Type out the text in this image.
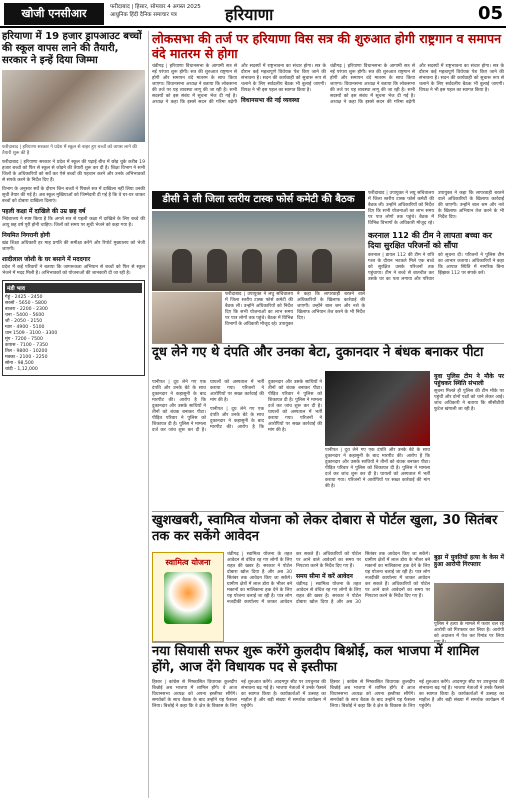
खोजी एनसीआर	फरीदाबाद | हिसार, सोमवार 4 अगस्त 2025
आधुनिक हिंदी दैनिक समाचार पत्र	हरियाणा	05
हरियाणा में 19 हजार ड्रापआउट बच्चों की स्कूल वापस लाने की तैयारी, सरकार ने इन्हें दिया जिम्मा
फरीदाबाद | हरियाणा सरकार ने प्रदेश में स्कूल से बाहर हुए बच्चों को वापस लाने की तैयारी शुरू की है

फरीदाबाद | हरियाणा सरकार ने प्रदेश में स्कूल की पढ़ाई बीच में छोड़ चुके करीब 19 हजार बच्चों को फिर से स्कूल से जोड़ने की तैयारी शुरू कर दी है। शिक्षा विभाग ने सभी जिलों के अधिकारियों को सर्वे कर ऐसे बच्चों की पहचान करने और उनके अभिभावकों से संपर्क करने के निर्देश दिए हैं।

विभाग के अनुसार सर्वे के दौरान जिन बच्चों ने पिछले सत्र में दाखिला नहीं लिया उनकी सूची तैयार की गई है। अब स्कूल मुखियाओं को जिम्मेदारी दी गई है कि वे घर-घर जाकर बच्चों को दोबारा दाखिला दिलाएं।

पहली कक्षा में दाखिले की उम्र छह वर्ष

निदेशालय ने स्पष्ट किया है कि अगले सत्र से पहली कक्षा में दाखिले के लिए बच्चे की आयु छह वर्ष पूरी होनी चाहिए। जिलों को समय पर सूची भेजने को कहा गया है।

नियमित निगरानी होगी

खंड शिक्षा अधिकारी हर माह प्रगति की समीक्षा करेंगे और रिपोर्ट मुख्यालय को भेजी जाएगी।

शादीलाल जोशी के घर बसाने में मददगार

प्रदेश में कई परिवारों ने बताया कि जागरूकता अभियान से बच्चों को फिर से स्कूल भेजने में मदद मिली है। अभिभावकों को योजनाओं की जानकारी दी जा रही है।

मंडी भाव
गेहूं - 2425 - 2450
सरसों - 5650 - 5800
बाजरा - 2200 - 2300
चना - 5400 - 5600
जौ - 2050 - 2150
ग्वार - 4900 - 5100
धान 1509 - 3100 - 3300
मूंग - 7200 - 7500
कपास - 7100 - 7350
तिल - 9800 - 10200
मक्का - 2100 - 2250
सोना - 98,500
चांदी - 1,12,000
लोकसभा की तर्ज पर हरियाणा विस सत्र की शुरुआत होगी राष्ट्रगान व समापन वंदे मातरम से होगा

चंडीगढ़ | हरियाणा विधानसभा के आगामी सत्र से नई परंपरा शुरू होगी। सत्र की शुरुआत राष्ट्रगान से होगी और समापन वंदे मातरम के साथ किया जाएगा। विधानसभा अध्यक्ष ने बताया कि लोकसभा की तर्ज पर यह व्यवस्था लागू की जा रही है। सभी सदस्यों को इस संबंध में सूचना भेज दी गई है। अध्यक्ष ने कहा कि इससे सदन की गरिमा बढ़ेगी और सदस्यों में राष्ट्रभावना का संचार होगा। सत्र के दौरान कई महत्वपूर्ण विधेयक पेश किए जाने की संभावना है। सदन की कार्यवाही को सुचारू रूप से चलाने के लिए सर्वदलीय बैठक भी बुलाई जाएगी। विपक्ष ने भी इस पहल का स्वागत किया है।

विधानसभा की नई व्यवस्था

चंडीगढ़ | हरियाणा विधानसभा के आगामी सत्र से नई परंपरा शुरू होगी। सत्र की शुरुआत राष्ट्रगान से होगी और समापन वंदे मातरम के साथ किया जाएगा। विधानसभा अध्यक्ष ने बताया कि लोकसभा की तर्ज पर यह व्यवस्था लागू की जा रही है। सभी सदस्यों को इस संबंध में सूचना भेज दी गई है। अध्यक्ष ने कहा कि इससे सदन की गरिमा बढ़ेगी और सदस्यों में राष्ट्रभावना का संचार होगा। सत्र के दौरान कई महत्वपूर्ण विधेयक पेश किए जाने की संभावना है। सदन की कार्यवाही को सुचारू रूप से चलाने के लिए सर्वदलीय बैठक भी बुलाई जाएगी। विपक्ष ने भी इस पहल का स्वागत किया है।

डीसी ने ली जिला स्तरीय टास्क फोर्स कमेटी की बैठक

फरीदाबाद | उपायुक्त ने लघु सचिवालय में जिला स्तरीय टास्क फोर्स कमेटी की बैठक ली। उन्होंने अधिकारियों को निर्देश दिए कि सभी योजनाओं का लाभ समय पर पात्र लोगों तक पहुंचे। बैठक में विभिन्न विभागों के अधिकारी मौजूद रहे। उपायुक्त ने कहा कि लापरवाही बरतने वाले अधिकारियों के खिलाफ कार्रवाई की जाएगी। उन्होंने बाल श्रम और नशे के खिलाफ अभियान तेज करने के भी निर्देश दिए।

फरीदाबाद | उपायुक्त ने लघु सचिवालय में जिला स्तरीय टास्क फोर्स कमेटी की बैठक ली। उन्होंने अधिकारियों को निर्देश दिए कि सभी योजनाओं का लाभ समय पर पात्र लोगों तक पहुंचे। बैठक में विभिन्न विभागों के अधिकारी मौजूद रहे। उपायुक्त ने कहा कि लापरवाही बरतने वाले अधिकारियों के खिलाफ कार्रवाई की जाएगी। उन्होंने बाल श्रम और नशे के खिलाफ अभियान तेज करने के भी निर्देश दिए।

करनाल 112 की टीम ने लापता बच्चा कर दिया सुरक्षित परिजनों को सौंपा

करनाल | डायल 112 की टीम ने रात्रि गश्त के दौरान भटकते मिले एक बच्चे को सुरक्षित उसके परिजनों तक पहुंचाया। टीम ने बच्चे से बातचीत कर उसके घर का पता लगाया और परिवार को सूचना दी। परिजनों ने पुलिस टीम का आभार जताया। अधिकारियों ने कहा कि आपात स्थिति में नागरिक बिना झिझक 112 पर संपर्क करें।

दूध लेने गए थे दंपति और उनका बेटा, दुकानदार ने बंधक बनाकर पीटा

पानीपत | दूध लेने गए एक दंपति और उनके बेटे के साथ दुकानदार ने कहासुनी के बाद मारपीट की। आरोप है कि दुकानदार और उसके साथियों ने तीनों को बंधक बनाकर पीटा। पीड़ित परिवार ने पुलिस को शिकायत दी है। पुलिस ने मामला दर्ज कर जांच शुरू कर दी है। घायलों को अस्पताल में भर्ती कराया गया। परिजनों ने आरोपियों पर सख्त कार्रवाई की मांग की है।

पानीपत | दूध लेने गए एक दंपति और उनके बेटे के साथ दुकानदार ने कहासुनी के बाद मारपीट की। आरोप है कि दुकानदार और उसके साथियों ने तीनों को बंधक बनाकर पीटा। पीड़ित परिवार ने पुलिस को शिकायत दी है। पुलिस ने मामला दर्ज कर जांच शुरू कर दी है। घायलों को अस्पताल में भर्ती कराया गया। परिजनों ने आरोपियों पर सख्त कार्रवाई की मांग की है।

पानीपत | दूध लेने गए एक दंपति और उनके बेटे के साथ दुकानदार ने कहासुनी के बाद मारपीट की। आरोप है कि दुकानदार और उसके साथियों ने तीनों को बंधक बनाकर पीटा। पीड़ित परिवार ने पुलिस को शिकायत दी है। पुलिस ने मामला दर्ज कर जांच शुरू कर दी है। घायलों को अस्पताल में भर्ती कराया गया। परिजनों ने आरोपियों पर सख्त कार्रवाई की मांग की है।

युवा पुलिस टीम ने मौके पर पहुंचकर स्थिति संभाली

सूचना मिलते ही पुलिस की टीम मौके पर पहुंची और दोनों पक्षों को थाने लेकर आई। जांच अधिकारी ने बताया कि सीसीटीवी फुटेज खंगाली जा रही है।

खुशखबरी, स्वामित्व योजना को लेकर दोबारा से पोर्टल खुला, 30 सितंबर तक कर सकेंगे आवेदन
स्वामित्व योजना

चंडीगढ़ | स्वामित्व योजना के तहत आवेदन से वंचित रह गए लोगों के लिए राहत की खबर है। सरकार ने पोर्टल दोबारा खोल दिया है और अब 30 सितंबर तक आवेदन किए जा सकेंगे। ग्रामीण क्षेत्रों में लाल डोरा के भीतर बने मकानों का मालिकाना हक देने के लिए यह योजना चलाई जा रही है। पात्र लोग नजदीकी कार्यालय में जाकर आवेदन कर सकते हैं। अधिकारियों को पोर्टल पर आने वाले आवेदनों का समय पर निपटारा करने के निर्देश दिए गए हैं।

समय सीमा में करें आवेदन

चंडीगढ़ | स्वामित्व योजना के तहत आवेदन से वंचित रह गए लोगों के लिए राहत की खबर है। सरकार ने पोर्टल दोबारा खोल दिया है और अब 30 सितंबर तक आवेदन किए जा सकेंगे। ग्रामीण क्षेत्रों में लाल डोरा के भीतर बने मकानों का मालिकाना हक देने के लिए यह योजना चलाई जा रही है। पात्र लोग नजदीकी कार्यालय में जाकर आवेदन कर सकते हैं। अधिकारियों को पोर्टल पर आने वाले आवेदनों का समय पर निपटारा करने के निर्देश दिए गए हैं।

बुढ़ा में युवतियों हत्या के केस में हुआ आरोपी गिरफ्तार

पुलिस ने हत्या के मामले में फरार चल रहे आरोपी को गिरफ्तार कर लिया है। आरोपी को अदालत में पेश कर रिमांड पर लिया

नया सियासी सफर शुरू करेंगे कुलदीप बिश्नोई, कल भाजपा में शामिल होंगे, आज देंगे विधायक पद से इस्तीफा

हिसार | कांग्रेस से निष्कासित विधायक कुलदीप बिश्नोई अब भाजपा में शामिल होंगे। वे आज विधानसभा अध्यक्ष को अपना इस्तीफा सौंपेंगे। समर्थकों के साथ बैठक के बाद उन्होंने यह फैसला लिया। बिश्नोई ने कहा कि वे क्षेत्र के विकास के लिए नई शुरुआत करेंगे। आदमपुर सीट पर उपचुनाव की संभावना बढ़ गई है। भाजपा नेताओं ने उनके फैसले का स्वागत किया है। कार्यकर्ताओं में उत्साह का माहौल है और बड़ी संख्या में समर्थक कार्यक्रम में पहुंचेंगे।

हिसार | कांग्रेस से निष्कासित विधायक कुलदीप बिश्नोई अब भाजपा में शामिल होंगे। वे आज विधानसभा अध्यक्ष को अपना इस्तीफा सौंपेंगे। समर्थकों के साथ बैठक के बाद उन्होंने यह फैसला लिया। बिश्नोई ने कहा कि वे क्षेत्र के विकास के लिए नई शुरुआत करेंगे। आदमपुर सीट पर उपचुनाव की संभावना बढ़ गई है। भाजपा नेताओं ने उनके फैसले का स्वागत किया है। कार्यकर्ताओं में उत्साह का माहौल है और बड़ी संख्या में समर्थक कार्यक्रम में पहुंचेंगे।
